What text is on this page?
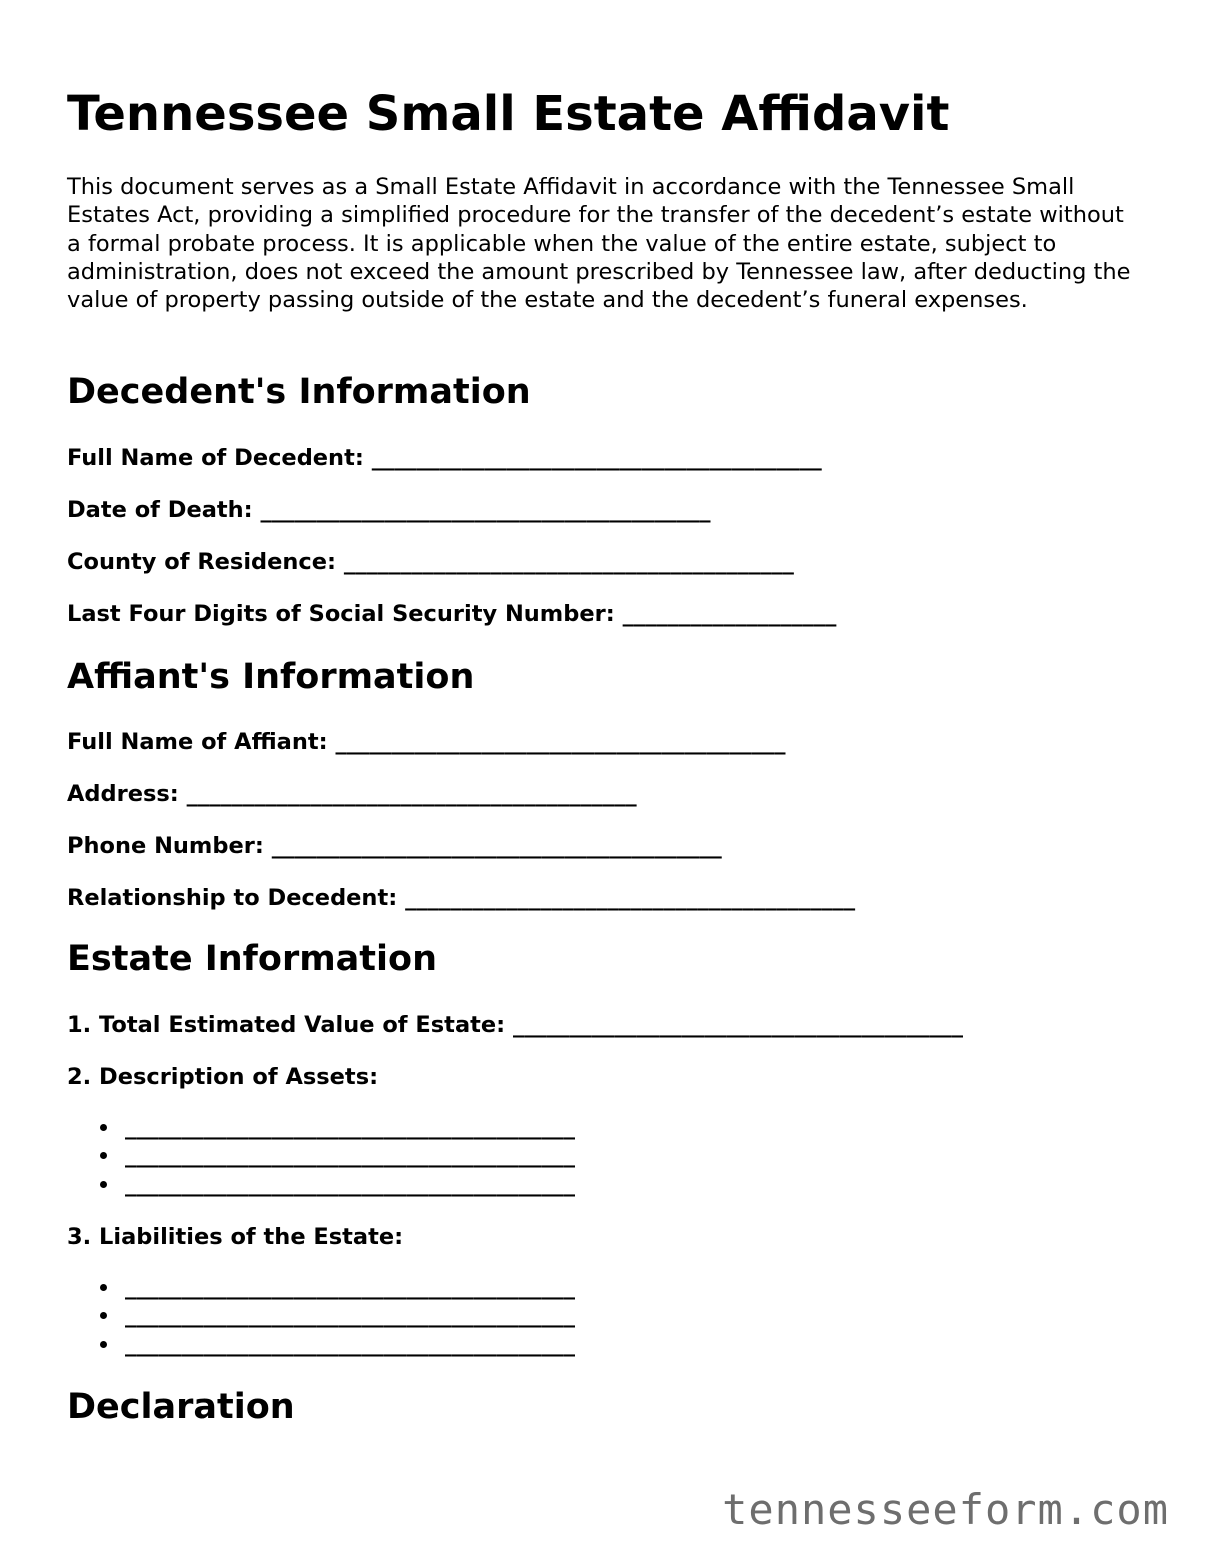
Tennessee Small Estate Affidavit

This document serves as a Small Estate Affidavit in accordance with the Tennessee Small Estates Act, providing a simplified procedure for the transfer of the decedent’s estate without a formal probate process. It is applicable when the value of the entire estate, subject to administration, does not exceed the amount prescribed by Tennessee law, after deducting the value of property passing outside of the estate and the decedent’s funeral expenses.

Decedent's Information

Full Name of Decedent: ________________________________________

Date of Death: ________________________________________

County of Residence: ________________________________________

Last Four Digits of Social Security Number: ___________________

Affiant's Information

Full Name of Affiant: ________________________________________

Address: ________________________________________

Phone Number: ________________________________________

Relationship to Decedent: ________________________________________

Estate Information

1. Total Estimated Value of Estate: ________________________________________

2. Description of Assets:

________________________________________
________________________________________
________________________________________

3. Liabilities of the Estate:

________________________________________
________________________________________
________________________________________
Declaration

tennesseeform.com
